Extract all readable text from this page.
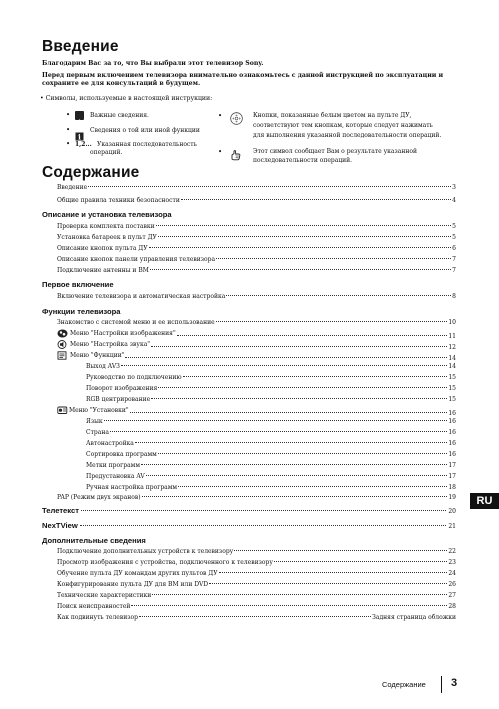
Введение
Благодарим Вас за то, что Вы выбрали этот телевизор Sony.
Перед первым включением телевизора внимательно ознакомьтесь с данной инструкцией по эксплуатации и
сохраните ее для консультаций в будущем.
• Символы, используемые в настоящей инструкции:
•
!
Важные сведения.
•
i
Сведения о той или иной функции
• 1,2... Указанная последовательность
операций.
•	Кнопки, показанные белым цветом на пульте ДУ,
соответствуют тем кнопкам, которые следует нажимать
для выполнения указанной последовательности операций.
•	Этот символ сообщает Вам о результате указанной
последовательности операций.
Содержание
Введение	3
Общие правила техники безопасности	4
Описание и установка телевизора
Проверка комплекта поставки	5
Установка батареек в пульт ДУ	5
Описание кнопок пульта ДУ	6
Описание кнопок панели управления телевизора	7
Подключение антенны и ВМ	7
Первое включение
Включение телевизора и автоматическая настройка	8
Функции телевизора
Знакомство с системой меню и ее использование	10
Меню "Настройки изображения"	11
Меню "Настройка звука"	12
Меню "Функции"	14
Выход AV3	14
Руководство по подключению	15
Поворот изображения	15
RGB центрирование	15
Меню "Установки"	16
Язык	16
Страна	16
Автонастройка	16
Сортировка программ	16
Метки программ	17
Предустановка AV	17
Ручная настройка программ	18
PAP (Режим двух экранов)	19
Телетекст	20
NexTView	21
Дополнительные сведения
Подключение дополнительных устройств к телевизору	22
Просмотр изображения с устройства, подключенного к телевизору	23
Обучение пульта ДУ командам других пультов ДУ	24
Конфигурирование пульта ДУ для ВМ или DVD	26
Технические характеристики	27
Поиск неисправностей	28
Как подвинуть телевизор	Задняя страница обложки
RU
Содержание 3
